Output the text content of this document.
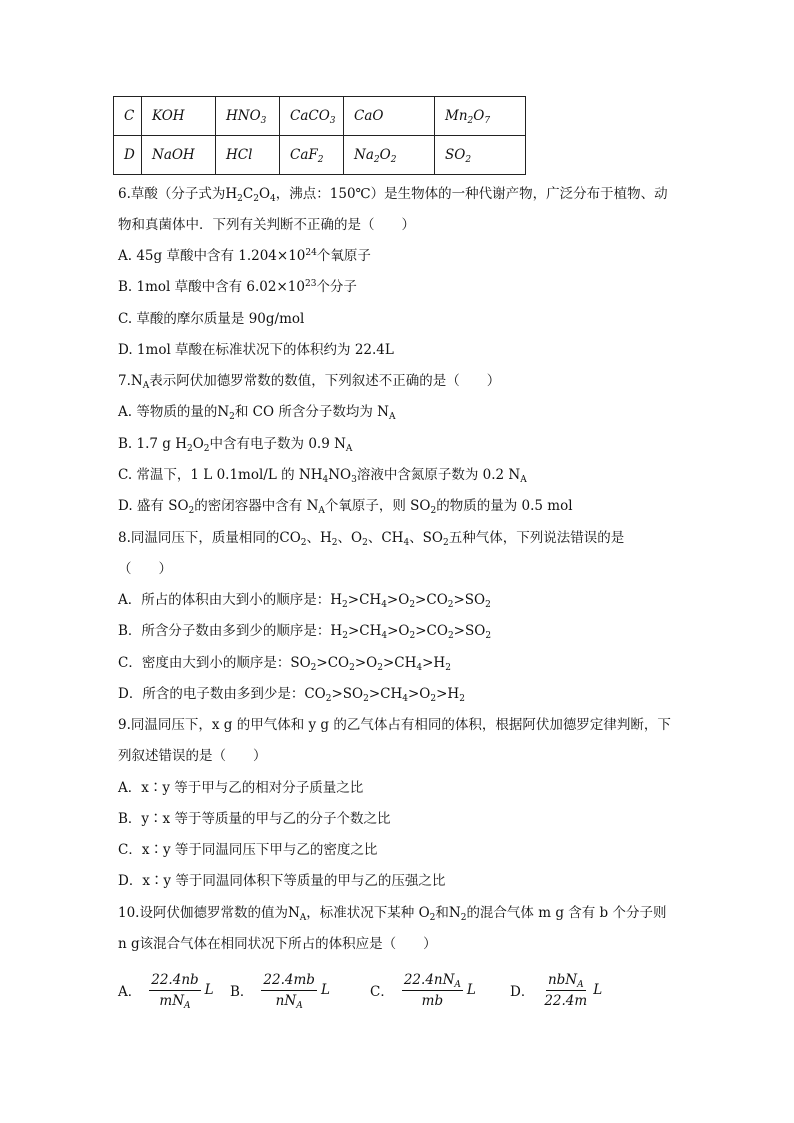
C	KOH	$HNO_3$	CaCO$_3$	CaO	$Mn_2O_7$
D	NaOH	HCl	CaF$_2$	$Na_2O_2$	$SO_2$
6.草酸（分子式为$H_2C_2O_4$，沸点：150℃）是生物体的一种代谢产物，广泛分布于植物、动
物和真菌体中．下列有关判断不正确的是（　　）
A. 45g 草酸中含有 $1.204\times 10^{24}$个氧原子
B. 1mol 草酸中含有 $6.02\times 10^{23}$个分子
C. 草酸的摩尔质量是 90g/mol
D. 1mol 草酸在标准状况下的体积约为 22.4L
$7.N_A$表示阿伏加德罗常数的数值，下列叙述不正确的是（　　）
A. 等物质的量的$N_2$和 CO 所含分子数均为 $N_A$
B. 1.7 g $H_2O_2$中含有电子数为 0.9 $N_A$
C. 常温下，1 L 0.1mol/L 的 $NH_4NO_3$溶液中含氮原子数为 0.2 $N_A$
D. 盛有 $SO_2$的密闭容器中含有 $N_A$个氧原子，则 $SO_2$的物质的量为 0.5 mol
8.同温同压下，质量相同的$CO_2$、$H_2$、$O_2$、$CH_4$、$SO_2$五种气体，下列说法错误的是
（　　）
A．所占的体积由大到小的顺序是：$H_2>CH_4>O_2>CO_2>SO_2$
B．所含分子数由多到少的顺序是：$H_2>CH_4>O_2>CO_2>SO_2$
C．密度由大到小的顺序是：$SO_2>CO_2>O_2>CH_4>H_2$
D．所含的电子数由多到少是：$CO_2>SO_2>CH_4>O_2>H_2$
9.同温同压下，x g 的甲气体和 y g 的乙气体占有相同的体积，根据阿伏加德罗定律判断，下
列叙述错误的是（　　）
A．x∶y 等于甲与乙的相对分子质量之比
B．y∶x 等于等质量的甲与乙的分子个数之比
C．x∶y 等于同温同压下甲与乙的密度之比
D．x∶y 等于同温同体积下等质量的甲与乙的压强之比
10.设阿伏伽德罗常数的值为$N_A$，标准状况下某种 $O_2$和$N_2$的混合气体 m g 含有 b 个分子则
n g该混合气体在相同状况下所占的体积应是（　　）
A． $\frac{22.4nb}{mN_A}$ L B． $\frac{22.4mb}{nN_A}$ L	C． $\frac{22.4nN_A}{mb}$ L	D． $\frac{nbN_A}{22.4m}$ L
